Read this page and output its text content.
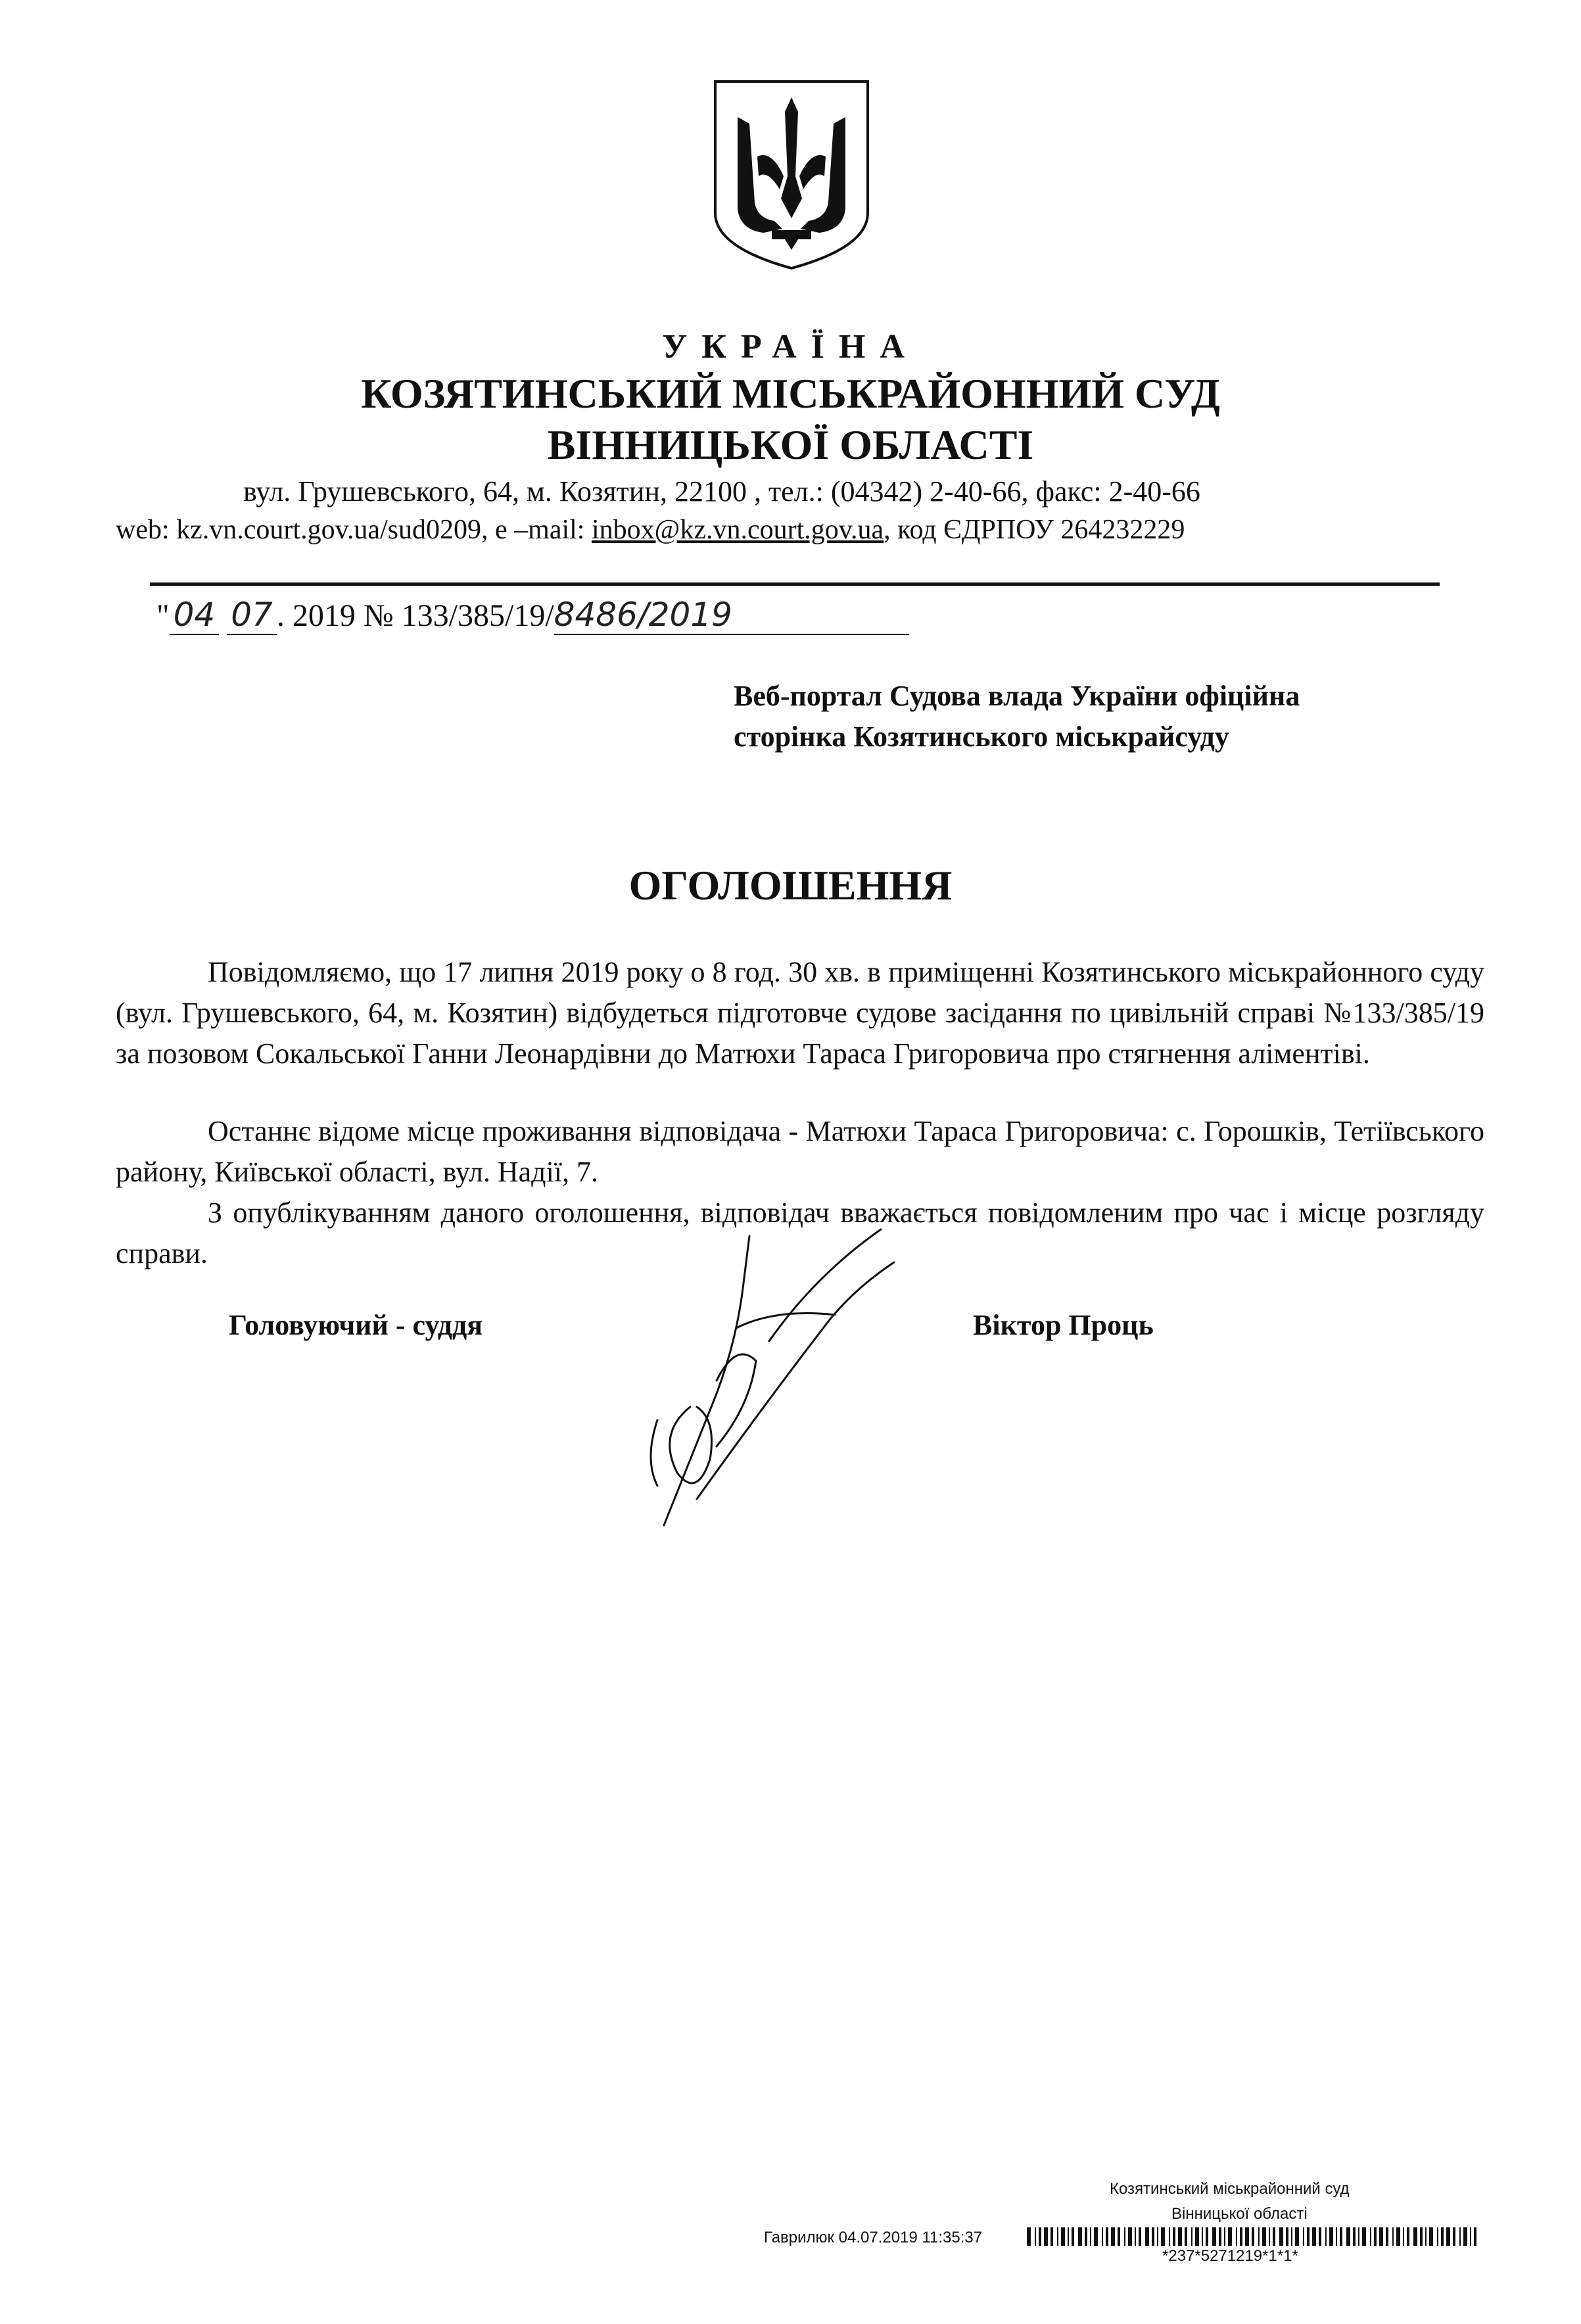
УКРАЇНА
КОЗЯТИНСЬКИЙ МІСЬКРАЙОННИЙ СУД
ВІННИЦЬКОЇ ОБЛАСТІ
вул. Грушевського, 64, м. Козятин, 22100 , тел.: (04342) 2-40-66, факс: 2-40-66
web: kz.vn.court.gov.ua/sud0209, е –mail: inbox@kz.vn.court.gov.ua, код ЄДРПОУ 264232229
" 04 07 . 2019 № 133/385/19/8486/2019
Веб-портал Судова влада України офіційна
сторінка Козятинського міськрайсуду
ОГОЛОШЕННЯ
Повідомляємо, що 17 липня 2019 року о 8 год. 30 хв. в приміщенні Козятинського міськрайонного суду (вул. Грушевського, 64, м. Козятин) відбудеться підготовче судове засідання по цивільній справі №133/385/19 за позовом Сокальської Ганни Леонардівни до Матюхи Тараса Григоровича про стягнення аліментіві.
Останнє відоме місце проживання відповідача - Матюхи Тараса Григоровича: с. Горошків, Тетіївського району, Київської області, вул. Надії, 7.
З опублікуванням даного оголошення, відповідач вважається повідомленим про час і місце розгляду справи.
Головуючий - суддя	Віктор Проць
Козятинський міськрайонний суд
Вінницької області
Гаврилюк 04.07.2019 11:35:37
*237*5271219*1*1*
